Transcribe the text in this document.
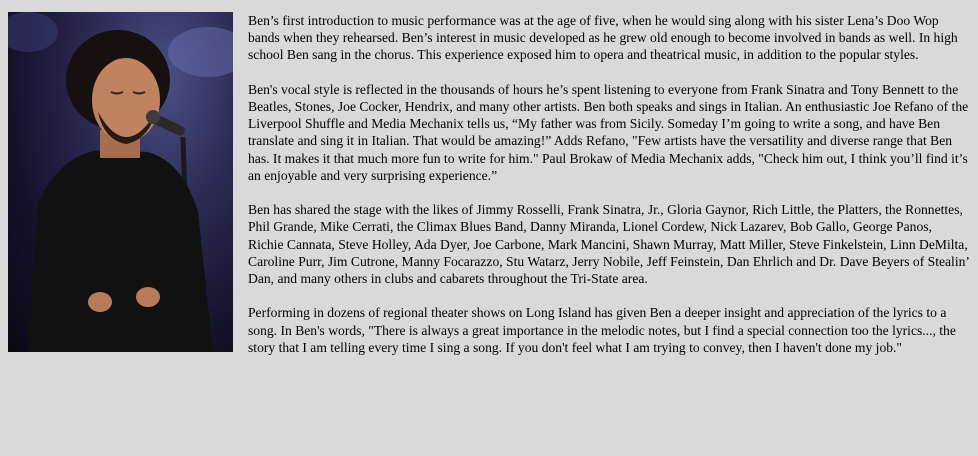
Ben’s first introduction to music performance was at the age of five, when he would sing along with his sister Lena’s Doo Wop bands when they rehearsed. Ben’s interest in music developed as he grew old enough to become involved in bands as well. In high school Ben sang in the chorus. This experience exposed him to opera and theatrical music, in addition to the popular styles.

Ben's vocal style is reflected in the thousands of hours he’s spent listening to everyone from Frank Sinatra and Tony Bennett to the Beatles, Stones, Joe Cocker, Hendrix, and many other artists. Ben both speaks and sings in Italian. An enthusiastic Joe Refano of the Liverpool Shuffle and Media Mechanix tells us, “My father was from Sicily. Someday I’m going to write a song, and have Ben translate and sing it in Italian. That would be amazing!” Adds Refano, "Few artists have the versatility and diverse range that Ben has. It makes it that much more fun to write for him." Paul Brokaw of Media Mechanix adds, "Check him out, I think you’ll find it’s an enjoyable and very surprising experience.”

Ben has shared the stage with the likes of Jimmy Rosselli, Frank Sinatra, Jr., Gloria Gaynor, Rich Little, the Platters, the Ronnettes, Phil Grande, Mike Cerrati, the Climax Blues Band, Danny Miranda, Lionel Cordew, Nick Lazarev, Bob Gallo, George Panos, Richie Cannata, Steve Holley, Ada Dyer, Joe Carbone, Mark Mancini, Shawn Murray, Matt Miller, Steve Finkelstein, Linn DeMilta, Caroline Purr, Jim Cutrone, Manny Focarazzo, Stu Watarz, Jerry Nobile, Jeff Feinstein, Dan Ehrlich and Dr. Dave Beyers of Stealin’ Dan, and many others in clubs and cabarets throughout the Tri-State area.

Performing in dozens of regional theater shows on Long Island has given Ben a deeper insight and appreciation of the lyrics to a song. In Ben's words, "There is always a great importance in the melodic notes, but I find a special connection too the lyrics..., the story that I am telling every time I sing a song. If you don't feel what I am trying to convey, then I haven't done my job."
